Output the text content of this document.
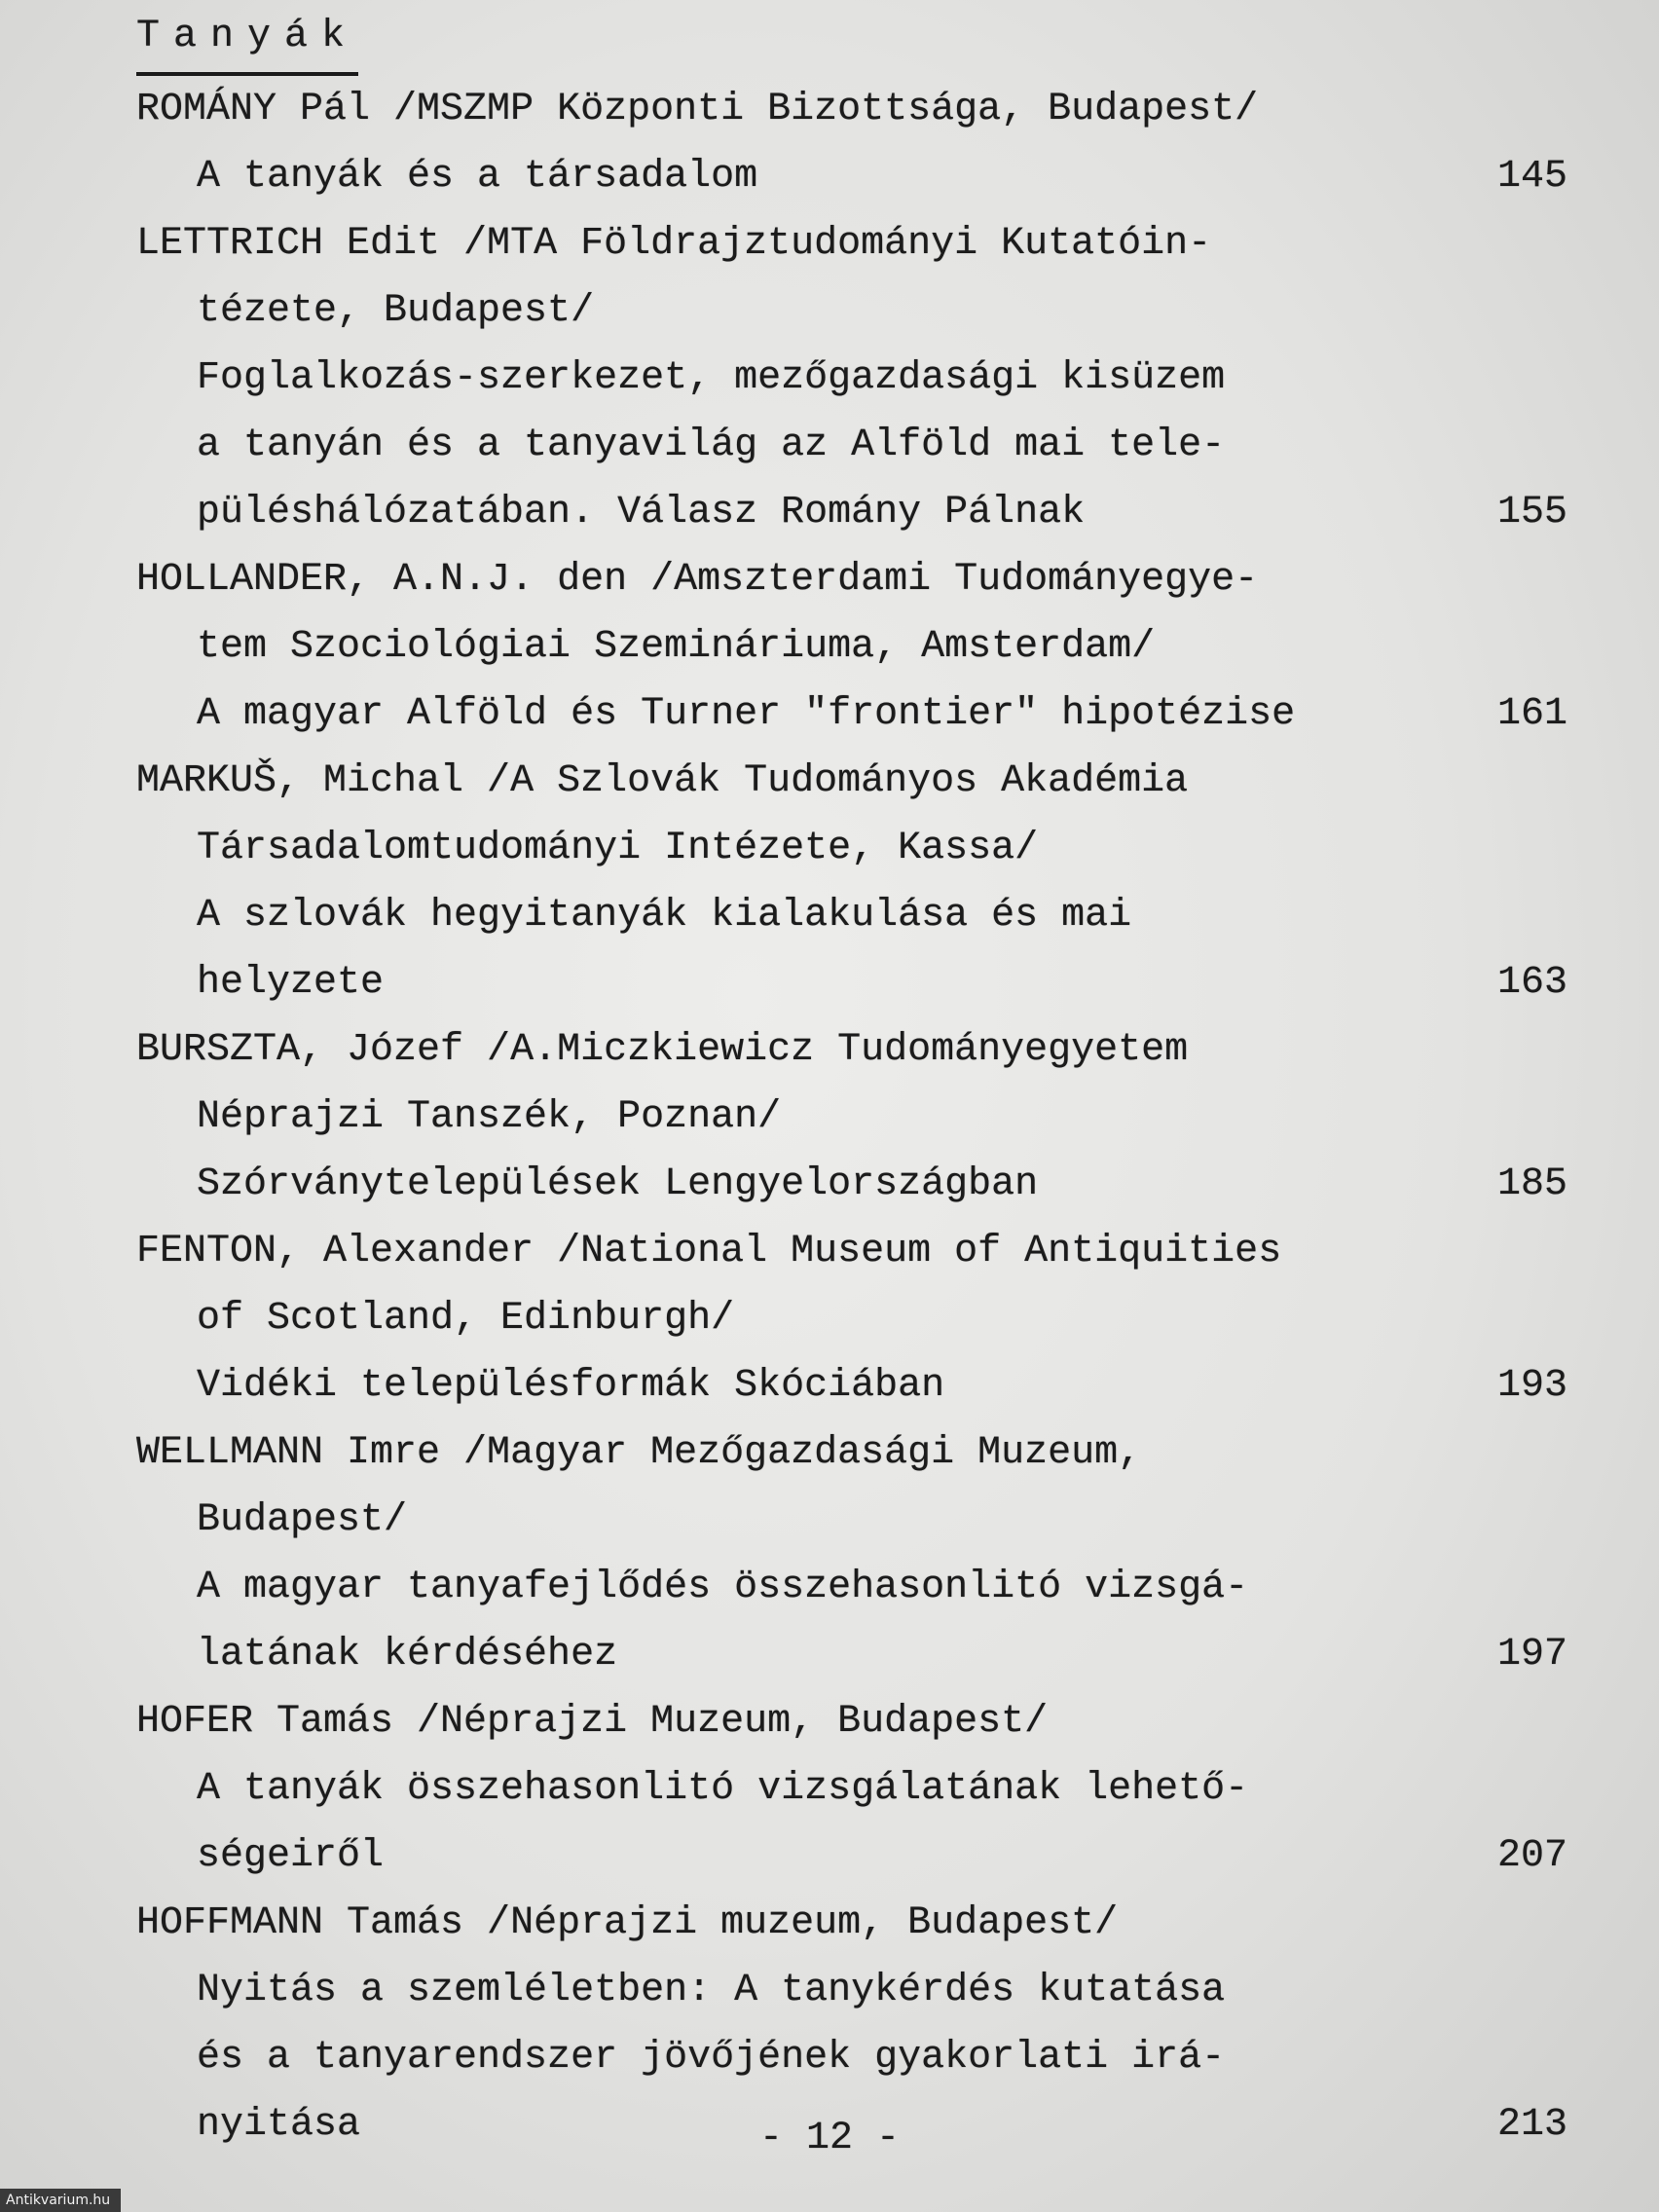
Tanyák
ROMÁNY Pál /MSZMP Központi Bizottsága, Budapest/
A tanyák és a társadalom	145
LETTRICH Edit /MTA Földrajztudományi Kutatóin-
tézete, Budapest/
Foglalkozás-szerkezet, mezőgazdasági kisüzem
a tanyán és a tanyavilág az Alföld mai tele-
püléshálózatában. Válasz Romány Pálnak	155
HOLLANDER, A.N.J. den /Amszterdami Tudományegye-
tem Szociológiai Szemináriuma, Amsterdam/
A magyar Alföld és Turner "frontier" hipotézise	161
MARKUŠ, Michal /A Szlovák Tudományos Akadémia
Társadalomtudományi Intézete, Kassa/
A szlovák hegyitanyák kialakulása és mai
helyzete	163
BURSZTA, Józef /A.Miczkiewicz Tudományegyetem
Néprajzi Tanszék, Poznan/
Szórványtelepülések Lengyelországban	185
FENTON, Alexander /National Museum of Antiquities
of Scotland, Edinburgh/
Vidéki településformák Skóciában	193
WELLMANN Imre /Magyar Mezőgazdasági Muzeum,
Budapest/
A magyar tanyafejlődés összehasonlitó vizsgá-
latának kérdéséhez	197
HOFER Tamás /Néprajzi Muzeum, Budapest/
A tanyák összehasonlitó vizsgálatának lehető-
ségeiről	207
HOFFMANN Tamás /Néprajzi muzeum, Budapest/
Nyitás a szemléletben: A tanykérdés kutatása
és a tanyarendszer jövőjének gyakorlati irá-
nyitása	213
- 12 -
Antikvarium.hu
